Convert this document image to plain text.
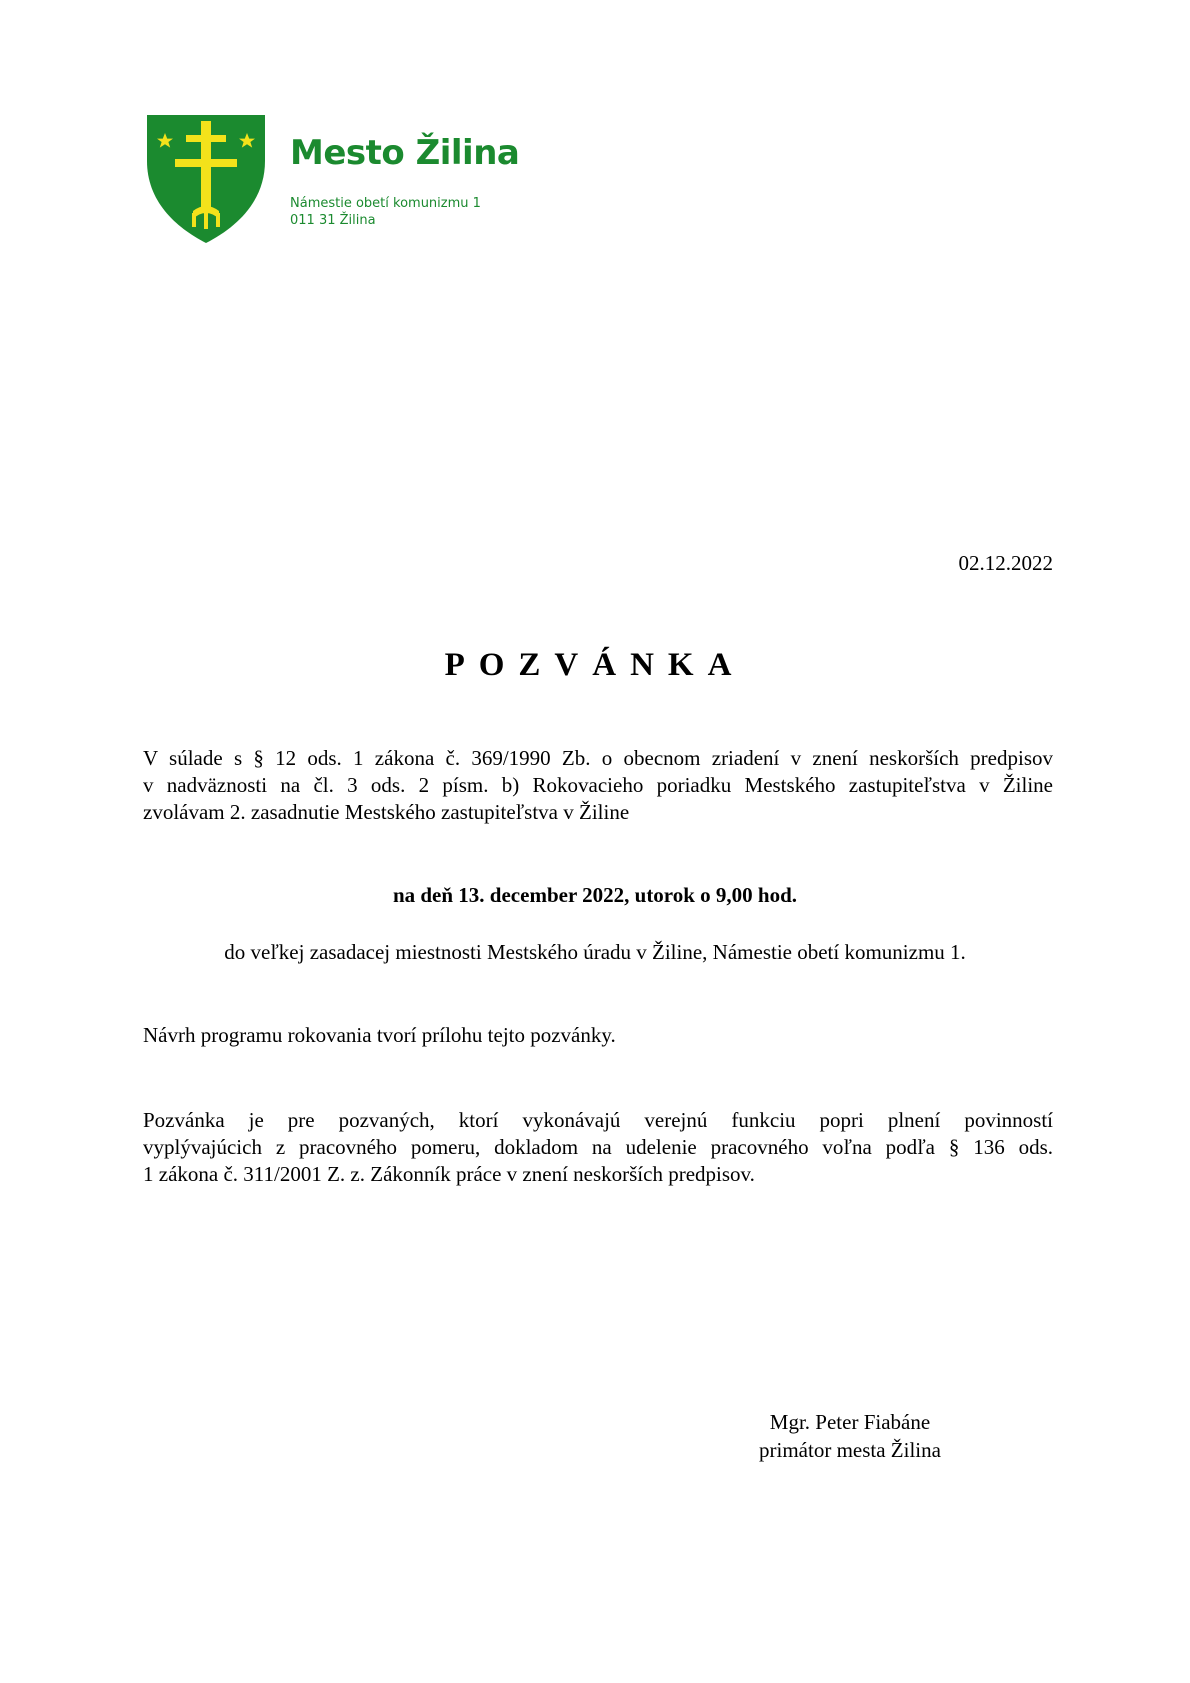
Mesto Žilina
Námestie obetí komunizmu 1
011 31 Žilina
02.12.2022
POZVÁNKA
V súlade s § 12 ods. 1 zákona č. 369/1990 Zb. o obecnom zriadení v znení neskorších predpisov
v nadväznosti na čl. 3 ods. 2 písm. b) Rokovacieho poriadku Mestského zastupiteľstva v Žiline
zvolávam 2. zasadnutie Mestského zastupiteľstva v Žiline
na deň 13. december 2022, utorok o 9,00 hod.
do veľkej zasadacej miestnosti Mestského úradu v Žiline, Námestie obetí komunizmu 1.
Návrh programu rokovania tvorí prílohu tejto pozvánky.
Pozvánka je pre pozvaných, ktorí vykonávajú verejnú funkciu popri plnení povinností
vyplývajúcich z pracovného pomeru, dokladom na udelenie pracovného voľna podľa § 136 ods.
1 zákona č. 311/2001 Z. z. Zákonník práce v znení neskorších predpisov.
Mgr. Peter Fiabáne
primátor mesta Žilina
